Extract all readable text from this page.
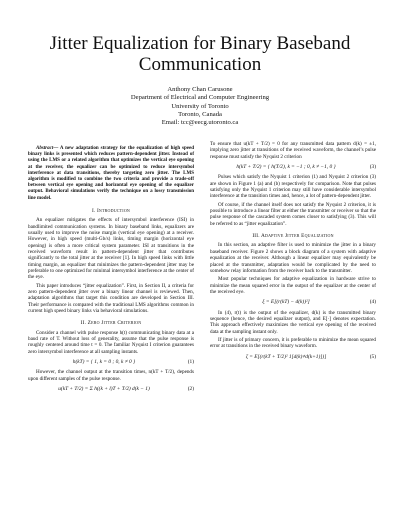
Jitter Equalization for Binary Baseband
Communication
Anthony Chan Carusone
Department of Electrical and Computer Engineering
University of Toronto
Toronto, Canada
Email: tcc@eecg.utoronto.ca

Abstract— A new adaptation strategy for the equalization of high speed binary links is presented which reduces pattern-dependent jitter. Instead of using the LMS or a related algorithm that optimizes the vertical eye opening at the receiver, the equalizer can be optimized to reduce intersymbol interference at data transitions, thereby targeting zero jitter. The LMS algorithm is modified to combine the two criteria and provide a trade-off between vertical eye opening and horizontal eye opening of the equalizer output. Behavioral simulations verify the technique on a lossy transmission line model.

I. Introduction

An equalizer mitigates the effects of intersymbol interference (ISI) in bandlimited communication systems. In binary baseband links, equalizers are usually used to improve the noise margin (vertical eye opening) at a receiver. However, in high speed (multi-Gb/s) links, timing margin (horizontal eye opening) is often a more critical system parameter. ISI at transitions in the received waveform result in pattern-dependent jitter that contributes significantly to the total jitter at the receiver [1]. In high speed links with little timing margin, an equalizer that minimizes the pattern-dependent jitter may be preferable to one optimized for minimal intersymbol interference at the center of the eye.

This paper introduces “jitter equalization”. First, in Section II, a criteria for zero pattern-dependent jitter over a binary linear channel is reviewed. Then, adaptation algorithms that target this condition are developed in Section III. Their performance is compared with the traditional LMS algorithms common in current high speed binary links via behavioral simulations.

II. Zero Jitter Criterion

Consider a channel with pulse response h(t) communicating binary data at a baud rate of T. Without loss of generality, assume that the pulse response is roughly centered around time t = 0. The familiar Nyquist I criterion guarantees zero intersymbol interference at all sampling instants.

h(kT) = { 1, k = 0 ; 0, k ≠ 0 }	(1)

However, the channel output at the transition times, n(kT + T/2), depends upon different samples of the pulse response.

u(kT + T/2) = Σ h((k + l)T + T/2) d(k − 1)	(2)

To ensure that u(kT + T/2) = 0 for any transmitted data pattern d(k) = ±1, implying zero jitter at transitions of the received waveform, the channel’s pulse response must satisfy the Nyquist 2 criterion

h(kT + T/2) = { h(T/2), k = −1 ; 0, k ≠ −1, 0 }	(3)

Pulses which satisfy the Nyquist 1 criterion (1) and Nyquist 2 criterion (3) are shown in Figure 1 (a) and (b) respectively for comparison. Note that pulses satisfying only the Nyquist 1 criterion may still have considerable intersymbol interference at the transition times and, hence, a lot of pattern-dependent jitter.

Of course, if the channel itself does not satisfy the Nyquist 2 criterion, it is possible to introduce a linear filter at either the transmitter or receiver so that the pulse response of the cascaded system comes closer to satisfying (3). This will be referred to as “jitter equalization”.

III. Adaptive Jitter Equalization

In this section, an adaptive filter is used to minimize the jitter in a binary baseband receiver. Figure 2 shows a block diagram of a system with adaptive equalization at the receiver. Although a linear equalizer may equivalently be placed at the transmitter, adaptation would be complicated by the need to somehow relay information from the receiver back to the transmitter.

Most popular techniques for adaptive equalization in hardware strive to minimize the mean squared error in the output of the equalizer at the center of the received eye.

ξ = E[(r(kT) − d(k))²]	(4)

In (4), r(t) is the output of the equalizer, d(k) is the transmitted binary sequence (hence, the desired equalizer output), and E[·] denotes expectation. This approach effectively maximizes the vertical eye opening of the received data at the sampling instant only.

If jitter is of primary concern, it is preferable to minimize the mean squared error at transitions in the received binary waveform.

ζ = E[(r(kT + T/2)² 1[d(k)≠d(k+1)])]	(5)
